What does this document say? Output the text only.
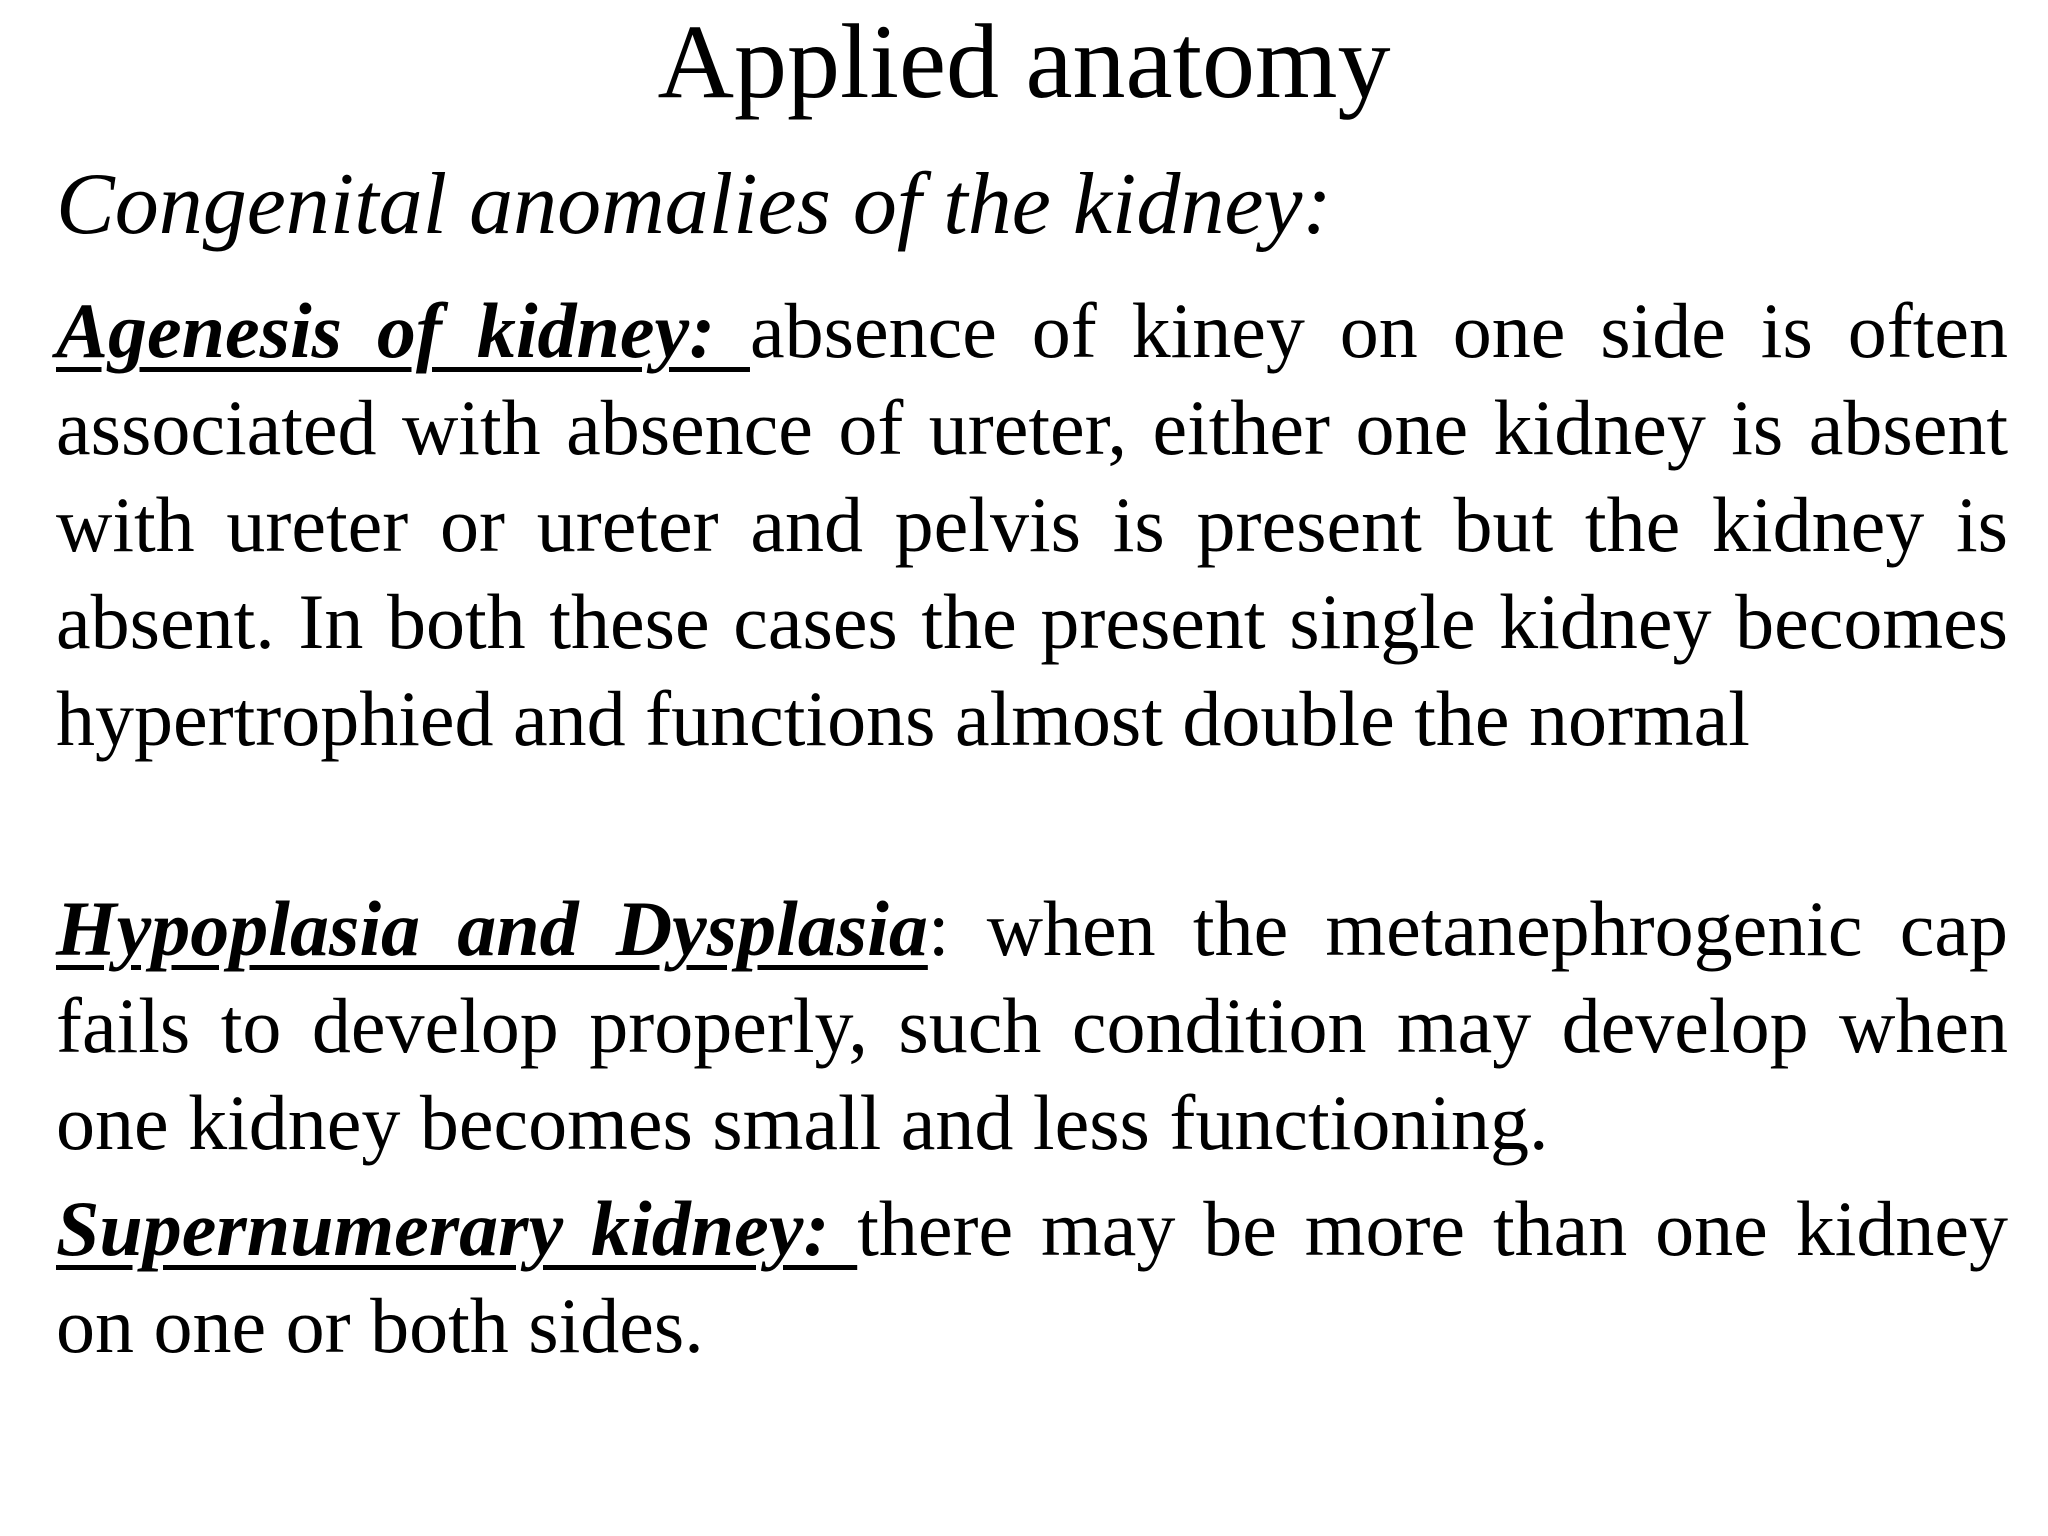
Applied anatomy
Congenital anomalies of the kidney:

Agenesis of kidney: absence of kiney on one side is often associated with absence of ureter, either one kidney is absent with ureter or ureter and pelvis is present but the kidney is absent. In both these cases the present single kidney becomes hypertrophied and functions almost double the normal

Hypoplasia and Dysplasia: when the metanephrogenic cap fails to develop properly, such condition may develop when one kidney becomes small and less functioning.

Supernumerary kidney: there may be more than one kidney on one or both sides.
